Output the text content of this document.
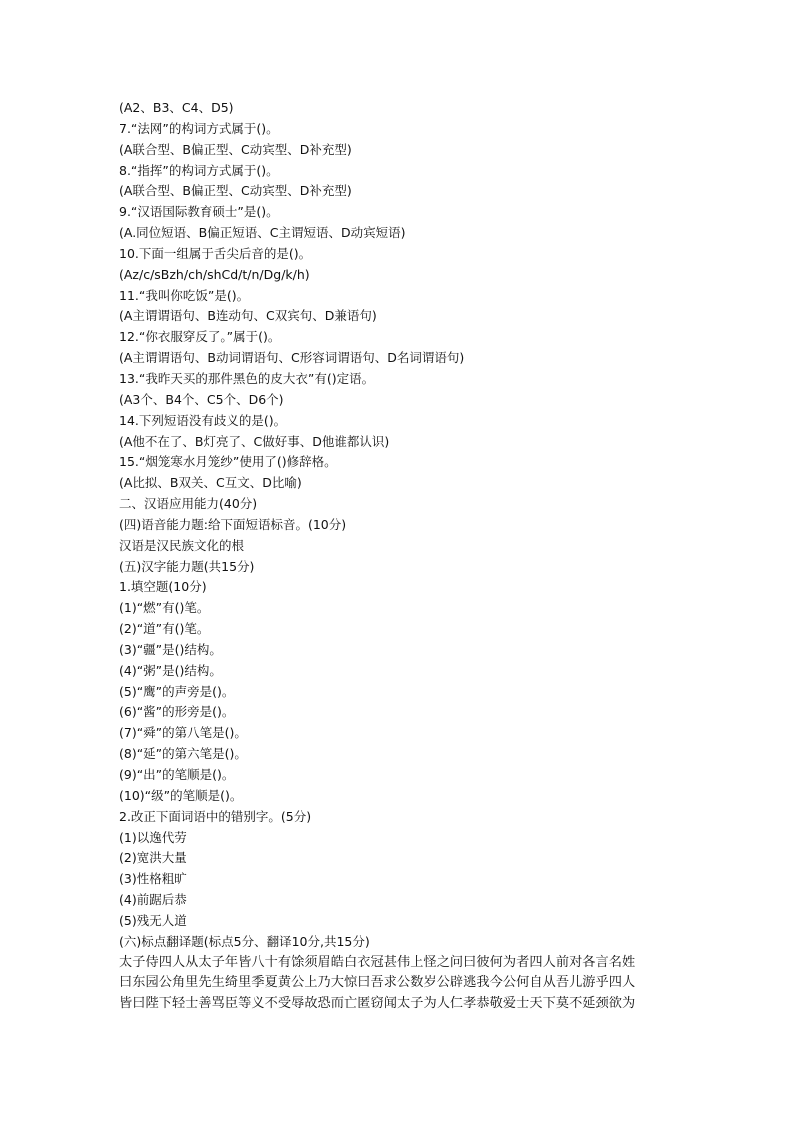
(A2、B3、C4、D5)
7.“法网”的构词方式属于()。
(A联合型、B偏正型、C动宾型、D补充型)
8.“指挥”的构词方式属于()。
(A联合型、B偏正型、C动宾型、D补充型)
9.“汉语国际教育硕士”是()。
(A.同位短语、B偏正短语、C主谓短语、D动宾短语)
10.下面一组属于舌尖后音的是()。
(Az/c/sBzh/ch/shCd/t/n/Dg/k/h)
11.“我叫你吃饭”是()。
(A主谓谓语句、B连动句、C双宾句、D兼语句)
12.“你衣服穿反了。”属于()。
(A主谓谓语句、B动词谓语句、C形容词谓语句、D名词谓语句)
13.“我昨天买的那件黑色的皮大衣”有()定语。
(A3个、B4个、C5个、D6个)
14.下列短语没有歧义的是()。
(A他不在了、B灯亮了、C做好事、D他谁都认识)
15.“烟笼寒水月笼纱”使用了()修辞格。
(A比拟、B双关、C互文、D比喻)
二、汉语应用能力(40分)
(四)语音能力题:给下面短语标音。(10分)
汉语是汉民族文化的根
(五)汉字能力题(共15分)
1.填空题(10分)
(1)“燃”有()笔。
(2)“道”有()笔。
(3)“疆”是()结构。
(4)“粥”是()结构。
(5)“鹰”的声旁是()。
(6)“酱”的形旁是()。
(7)“舜”的第八笔是()。
(8)“延”的第六笔是()。
(9)“出”的笔顺是()。
(10)“级”的笔顺是()。
2.改正下面词语中的错别字。(5分)
(1)以逸代劳
(2)宽洪大量
(3)性格粗旷
(4)前踞后恭
(5)残无人道
(六)标点翻译题(标点5分、翻译10分,共15分)
太子侍四人从太子年皆八十有馀须眉皓白衣冠甚伟上怪之问曰彼何为者四人前对各言名姓
曰东园公角里先生绮里季夏黄公上乃大惊曰吾求公数岁公辟逃我今公何自从吾儿游乎四人
皆曰陛下轻士善骂臣等义不受辱故恐而亡匿窃闻太子为人仁孝恭敬爱士天下莫不延颈欲为
